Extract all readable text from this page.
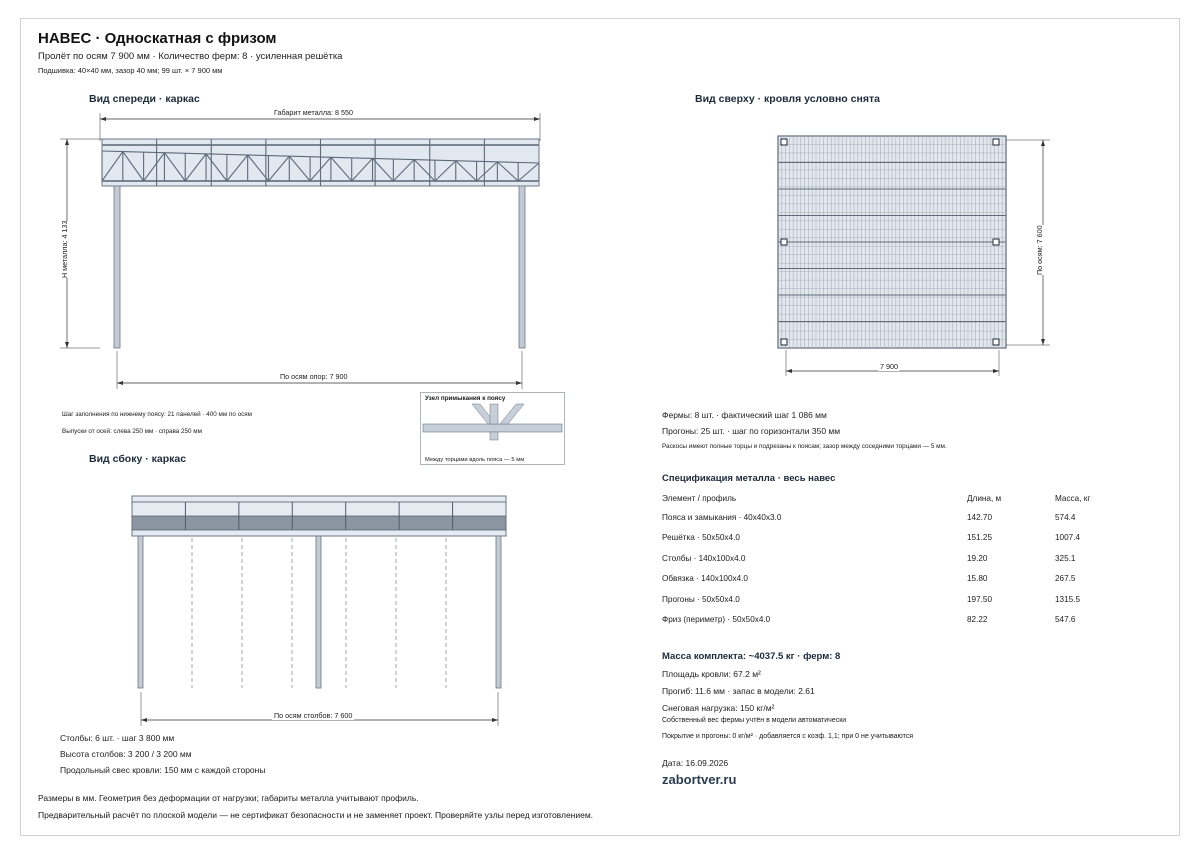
НАВЕС · Односкатная с фризом
Пролёт по осям 7 900 мм · Количество ферм: 8 · усиленная решётка
Подшивка: 40×40 мм, зазор 40 мм; 99 шт. × 7 900 мм
Вид спереди · каркас
Габарит металла: 8 550
H металла: 4 133
По осям опор: 7 900
Шаг заполнения по нижнему поясу: 21 панелей · 400 мм по осям
Выпуски от осей: слева 250 мм · справа 250 мм
Узел примыкания к поясу
Между торцами вдоль пояса — 5 мм
Вид сбоку · каркас
По осям столбов: 7 600
Столбы: 6 шт. · шаг 3 800 мм
Высота столбов: 3 200 / 3 200 мм
Продольный свес кровли: 150 мм с каждой стороны
Вид сверху · кровля условно снята
По осям: 7 600
7 900
Фермы: 8 шт. · фактический шаг 1 086 мм
Прогоны: 25 шт. · шаг по горизонтали 350 мм
Раскосы имеют полные торцы и подрезаны к поясам; зазор между соседними торцами — 5 мм.
Спецификация металла · весь навес
Элемент / профиль	Длина, м	Масса, кг
Пояса и замыкания · 40х40х3.0	142.70	574.4
Решётка · 50х50х4.0	151.25	1007.4
Столбы · 140х100х4.0	19.20	325.1
Обвязка · 140х100х4.0	15.80	267.5
Прогоны · 50х50х4.0	197.50	1315.5
Фриз (периметр) · 50х50х4.0	82.22	547.6
Масса комплекта: ~4037.5 кг · ферм: 8
Площадь кровли: 67.2 м²
Прогиб: 11.6 мм · запас в модели: 2.61
Снеговая нагрузка: 150 кг/м²
Собственный вес фермы учтён в модели автоматически
Покрытие и прогоны: 0 кг/м² · добавляется с коэф. 1,1; при 0 не учитываются
Дата: 16.09.2026
zabortver.ru
Размеры в мм. Геометрия без деформации от нагрузки; габариты металла учитывают профиль.
Предварительный расчёт по плоской модели — не сертификат безопасности и не заменяет проект. Проверяйте узлы перед изготовлением.
